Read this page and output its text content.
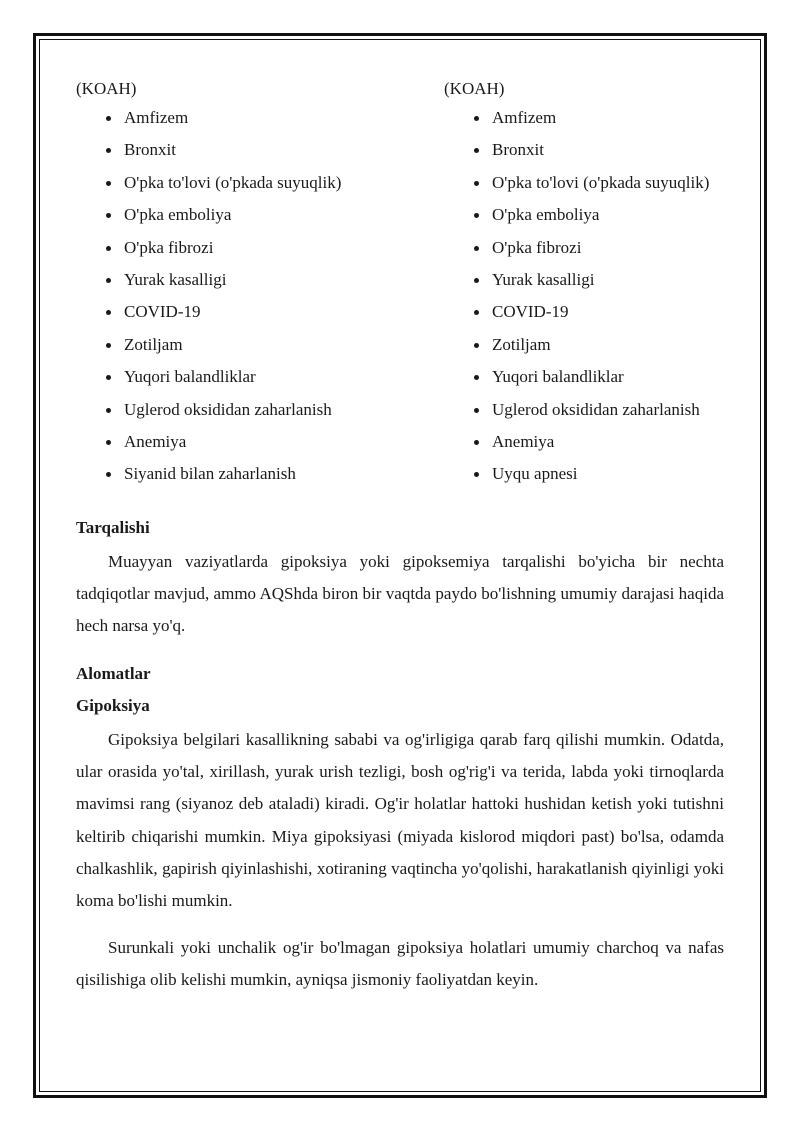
(KOAH)

Amfizem
Bronxit
O'pka to'lovi (o'pkada suyuqlik)
O'pka emboliya
O'pka fibrozi
Yurak kasalligi
COVID-19
Zotiljam
Yuqori balandliklar
Uglerod oksididan zaharlanish
Anemiya
Siyanid bilan zaharlanish

(KOAH)

Amfizem
Bronxit
O'pka to'lovi (o'pkada suyuqlik)
O'pka emboliya
O'pka fibrozi
Yurak kasalligi
COVID-19
Zotiljam
Yuqori balandliklar
Uglerod oksididan zaharlanish
Anemiya
Uyqu apnesi

Tarqalishi

Muayyan vaziyatlarda gipoksiya yoki gipoksemiya tarqalishi bo'yicha bir nechta tadqiqotlar mavjud, ammo AQShda biron bir vaqtda paydo bo'lishning umumiy darajasi haqida hech narsa yo'q.

Alomatlar

Gipoksiya

Gipoksiya belgilari kasallikning sababi va og'irligiga qarab farq qilishi mumkin. Odatda, ular orasida yo'tal, xirillash, yurak urish tezligi, bosh og'rig'i va terida, labda yoki tirnoqlarda mavimsi rang (siyanoz deb ataladi) kiradi. Og'ir holatlar hattoki hushidan ketish yoki tutishni keltirib chiqarishi mumkin. Miya gipoksiyasi (miyada kislorod miqdori past) bo'lsa, odamda chalkashlik, gapirish qiyinlashishi, xotiraning vaqtincha yo'qolishi, harakatlanish qiyinligi yoki koma bo'lishi mumkin.

Surunkali yoki unchalik og'ir bo'lmagan gipoksiya holatlari umumiy charchoq va nafas qisilishiga olib kelishi mumkin, ayniqsa jismoniy faoliyatdan keyin.
